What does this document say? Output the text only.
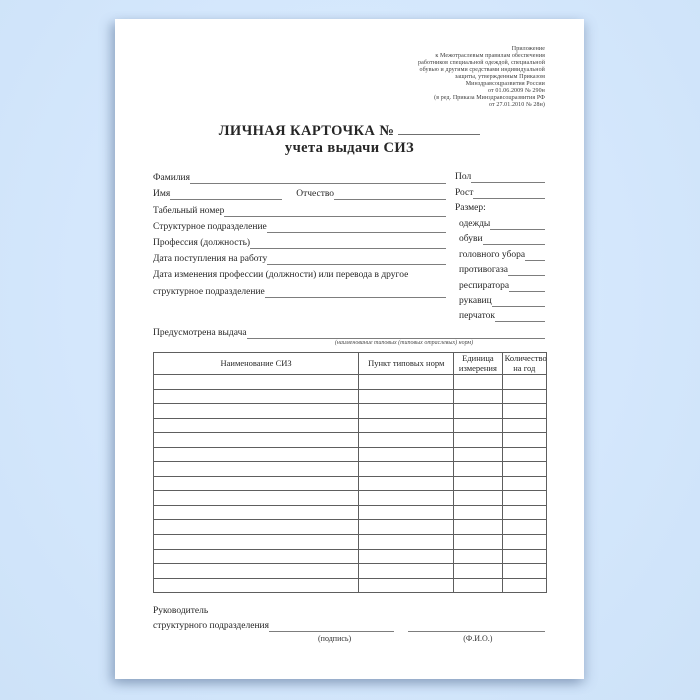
Приложение
к Межотраслевым правилам обеспечения
работников специальной одеждой, специальной
обувью и другими средствами индивидуальной
защиты, утвержденным Приказом
Минздравсоцразвития России
от 01.06.2009 № 290н
(в ред. Приказа Минздравсоцразвития РФ
от 27.01.2010 № 28н)
ЛИЧНАЯ КАРТОЧКА №
учета выдачи СИЗ
Фамилия
Имя	Отчество
Табельный номер
Структурное подразделение
Профессия (должность)
Дата поступления на работу
Дата изменения профессии (должности) или перевода в другое
структурное подразделение
Пол
Рост
Размер:
одежды
обуви
головного убора
противогаза
респиратора
рукавиц
перчаток
Предусмотрена выдача
(наименование типовых (типовых отраслевых) норм)
Наименование СИЗ	Пункт типовых норм	Единица измерения	Количество на год

Руководитель
структурного подразделения
(подпись)	(Ф.И.О.)
